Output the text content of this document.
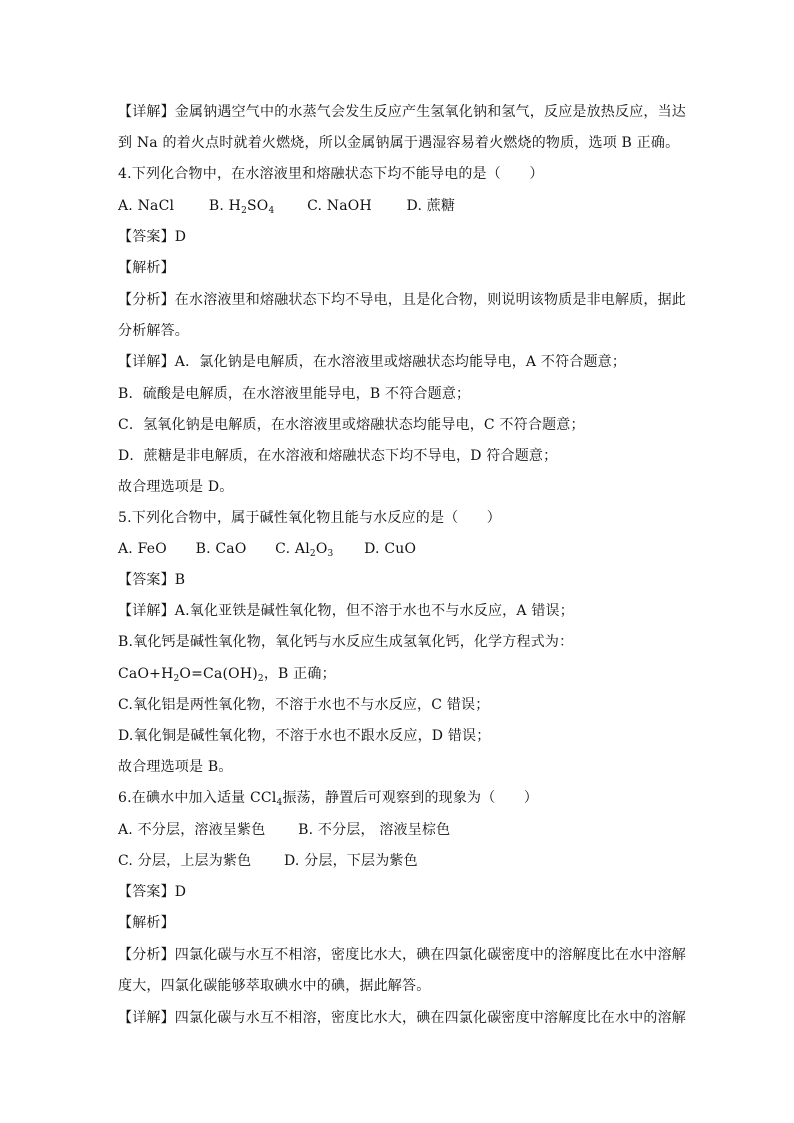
【详解】金属钠遇空气中的水蒸气会发生反应产生氢氧化钠和氢气，反应是放热反应，当达
到 Na 的着火点时就着火燃烧，所以金属钠属于遇湿容易着火燃烧的物质，选项 B 正确。
4.下列化合物中，在水溶液里和熔融状态下均不能导电的是（　　）
A. NaCl B. $H_2SO_4$ C. NaOH D. 蔗糖
【答案】D
【解析】
【分析】在水溶液里和熔融状态下均不导电，且是化合物，则说明该物质是非电解质，据此
分析解答。
【详解】A．氯化钠是电解质，在水溶液里或熔融状态均能导电，A 不符合题意；
B．硫酸是电解质，在水溶液里能导电，B 不符合题意；
C．氢氧化钠是电解质，在水溶液里或熔融状态均能导电，C 不符合题意；
D．蔗糖是非电解质，在水溶液和熔融状态下均不导电，D 符合题意；
故合理选项是 D。
5.下列化合物中，属于碱性氧化物且能与水反应的是（　　）
A. FeO B. CaO C. $Al_2O_3$ D. CuO
【答案】B
【详解】A.氧化亚铁是碱性氧化物，但不溶于水也不与水反应，A 错误；
B.氧化钙是碱性氧化物，氧化钙与水反应生成氢氧化钙，化学方程式为：
$CaO+H_2O=Ca(OH)_2$，B 正确；
C.氧化铝是两性氧化物，不溶于水也不与水反应，C 错误；
D.氧化铜是碱性氧化物，不溶于水也不跟水反应，D 错误；
故合理选项是 B。
6.在碘水中加入适量 CCl$_4$振荡，静置后可观察到的现象为（　　）
A. 不分层，溶液呈紫色 B. 不分层， 溶液呈棕色
C. 分层，上层为紫色 D. 分层，下层为紫色
【答案】D
【解析】
【分析】四氯化碳与水互不相溶，密度比水大，碘在四氯化碳密度中的溶解度比在水中溶解
度大，四氯化碳能够萃取碘水中的碘，据此解答。
【详解】四氯化碳与水互不相溶，密度比水大，碘在四氯化碳密度中溶解度比在水中的溶解
